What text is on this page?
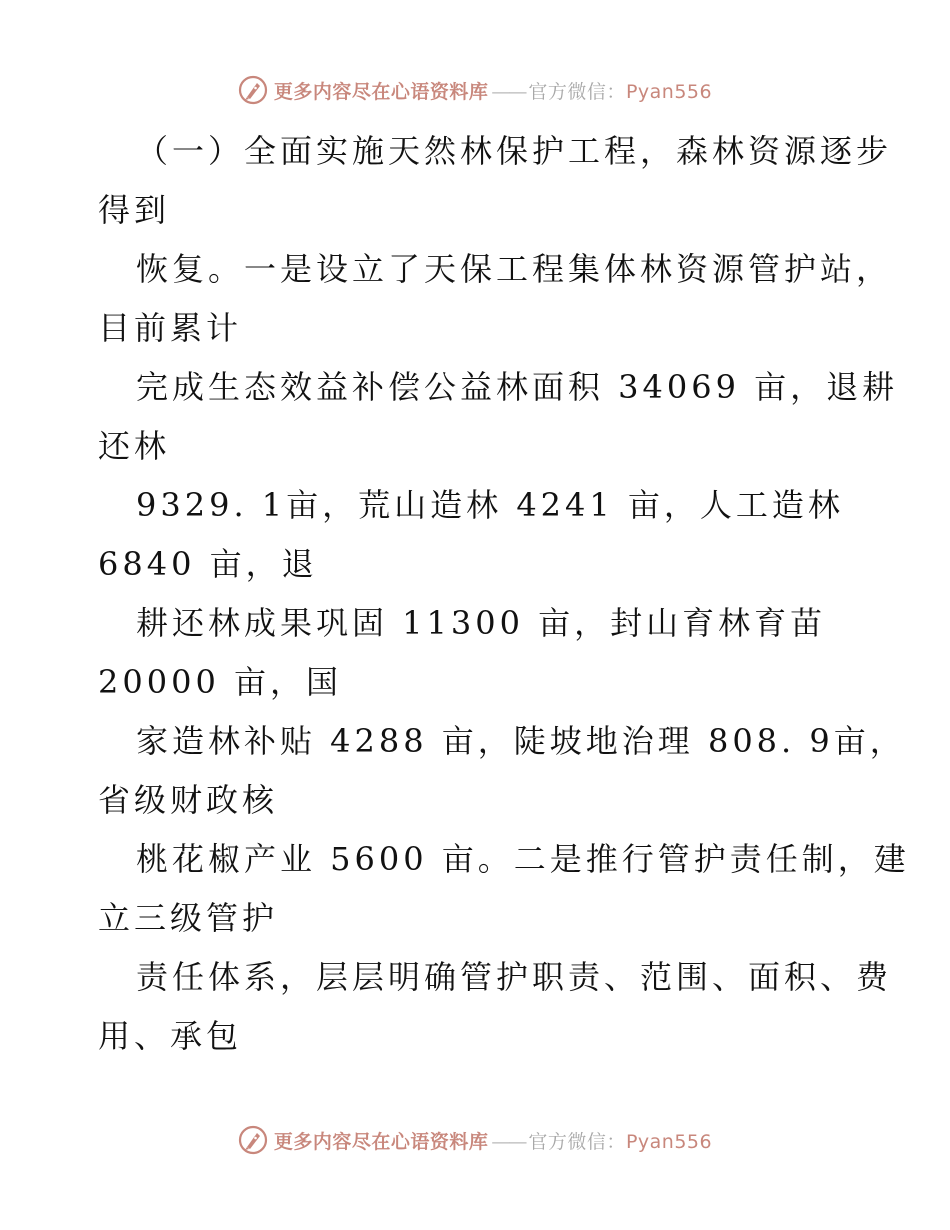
更多内容尽在心语资料库 —— 官方微信：Pyan556
（一）全面实施天然林保护工程，森林资源逐步
得到
恢复。一是设立了天保工程集体林资源管护站，
目前累计
完成生态效益补偿公益林面积 34069 亩，退耕
还林
9329. 1亩，荒山造林 4241 亩，人工造林
6840 亩，退
耕还林成果巩固 11300 亩，封山育林育苗
20000 亩，国
家造林补贴 4288 亩，陡坡地治理 808. 9亩，
省级财政核
桃花椒产业 5600 亩。二是推行管护责任制，建
立三级管护
责任体系，层层明确管护职责、范围、面积、费
用、承包
更多内容尽在心语资料库 —— 官方微信：Pyan556
